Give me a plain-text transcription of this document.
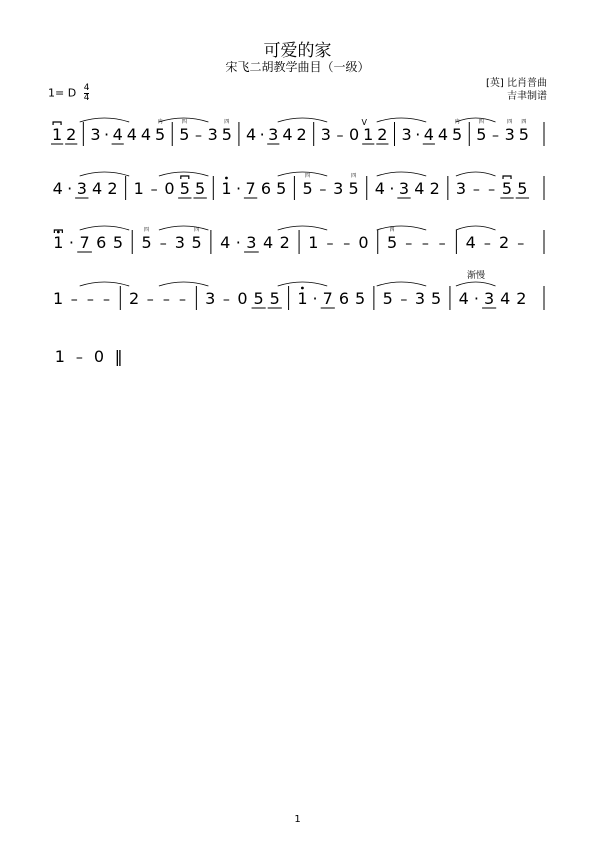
可爱的家
宋飞二胡教学曲目（一级）
1= D $\frac{4}{4}$
[英] 比肖普曲
吉聿制谱
1 2 3 · 4 4 4 5
内
5
四
– 3 5
四
4 · 3 4 2 3 – 0 1
V
2 3 · 4 4 5
内
5
四
– 3
四
5
四
4 · 3 4 2 1 – 0 5 5 1 · 7 6 5 5
四
– 3 5
四
4 · 3 4 2 3 – – 5 5
1 · 7 6 5 5
四
– 3 5
四
4 · 3 4 2 1 – – 0 5
四
– – – 4 – 2 –
1 – – – 2 – – – 3 – 0 5 5 1 · 7 6 5 5 – 3 5 4 · 3 4 2
渐慢
1 – 0 ‖
1
